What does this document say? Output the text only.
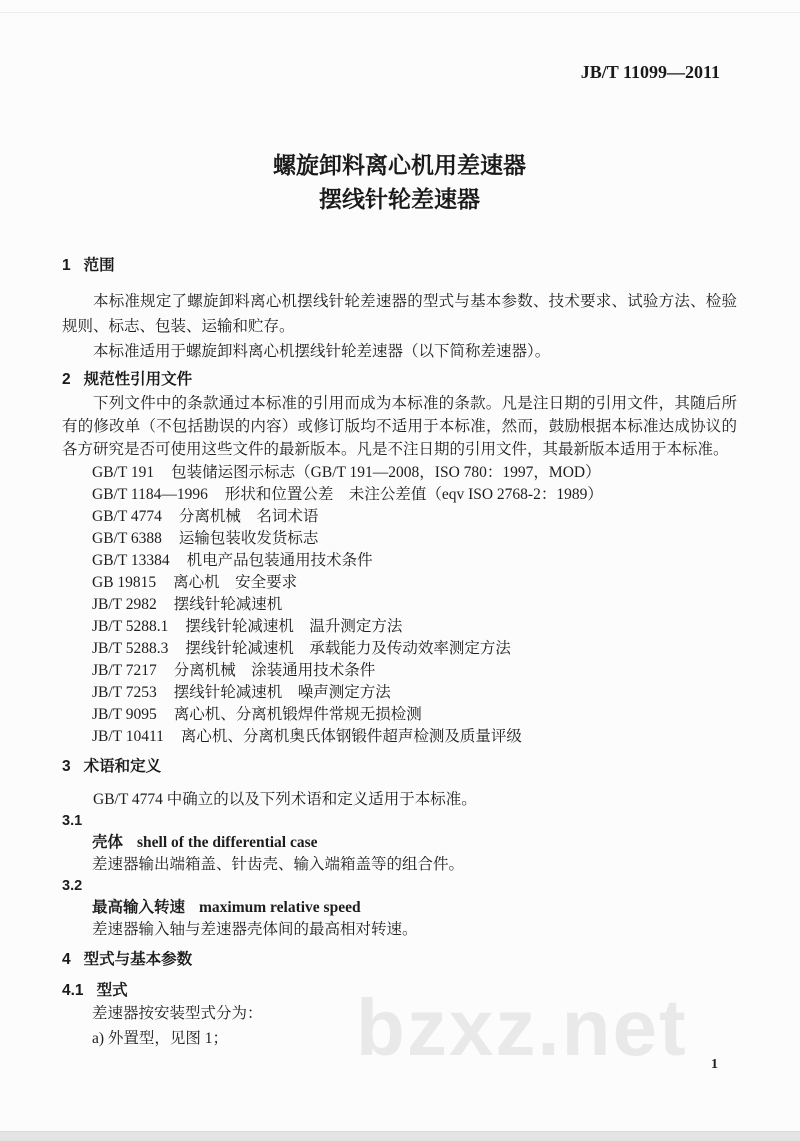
bzxz.net
JB/T 11099—2011
螺旋卸料离心机用差速器
摆线针轮差速器
1 范围

本标准规定了螺旋卸料离心机摆线针轮差速器的型式与基本参数、技术要求、试验方法、检验规则、标志、包装、运输和贮存。

本标准适用于螺旋卸料离心机摆线针轮差速器（以下简称差速器）。

2 规范性引用文件

下列文件中的条款通过本标准的引用而成为本标准的条款。凡是注日期的引用文件，其随后所有的修改单（不包括勘误的内容）或修订版均不适用于本标准，然而，鼓励根据本标准达成协议的各方研究是否可使用这些文件的最新版本。凡是不注日期的引用文件，其最新版本适用于本标准。

GB/T 191 包装储运图示标志（GB/T 191—2008，ISO 780：1997，MOD）
GB/T 1184—1996 形状和位置公差　未注公差值（eqv ISO 2768-2：1989）
GB/T 4774 分离机械　名词术语
GB/T 6388 运输包装收发货标志
GB/T 13384 机电产品包装通用技术条件
GB 19815 离心机　安全要求
JB/T 2982 摆线针轮减速机
JB/T 5288.1 摆线针轮减速机　温升测定方法
JB/T 5288.3 摆线针轮减速机　承载能力及传动效率测定方法
JB/T 7217 分离机械　涂装通用技术条件
JB/T 7253 摆线针轮减速机　噪声测定方法
JB/T 9095 离心机、分离机锻焊件常规无损检测
JB/T 10411 离心机、分离机奥氏体钢锻件超声检测及质量评级
3 术语和定义

GB/T 4774 中确立的以及下列术语和定义适用于本标准。

3.1
壳体 shell of the differential case
差速器输出端箱盖、针齿壳、输入端箱盖等的组合件。
3.2
最高输入转速 maximum relative speed
差速器输入轴与差速器壳体间的最高相对转速。
4 型式与基本参数
4.1 型式
差速器按安装型式分为：
a) 外置型，见图 1；
1
